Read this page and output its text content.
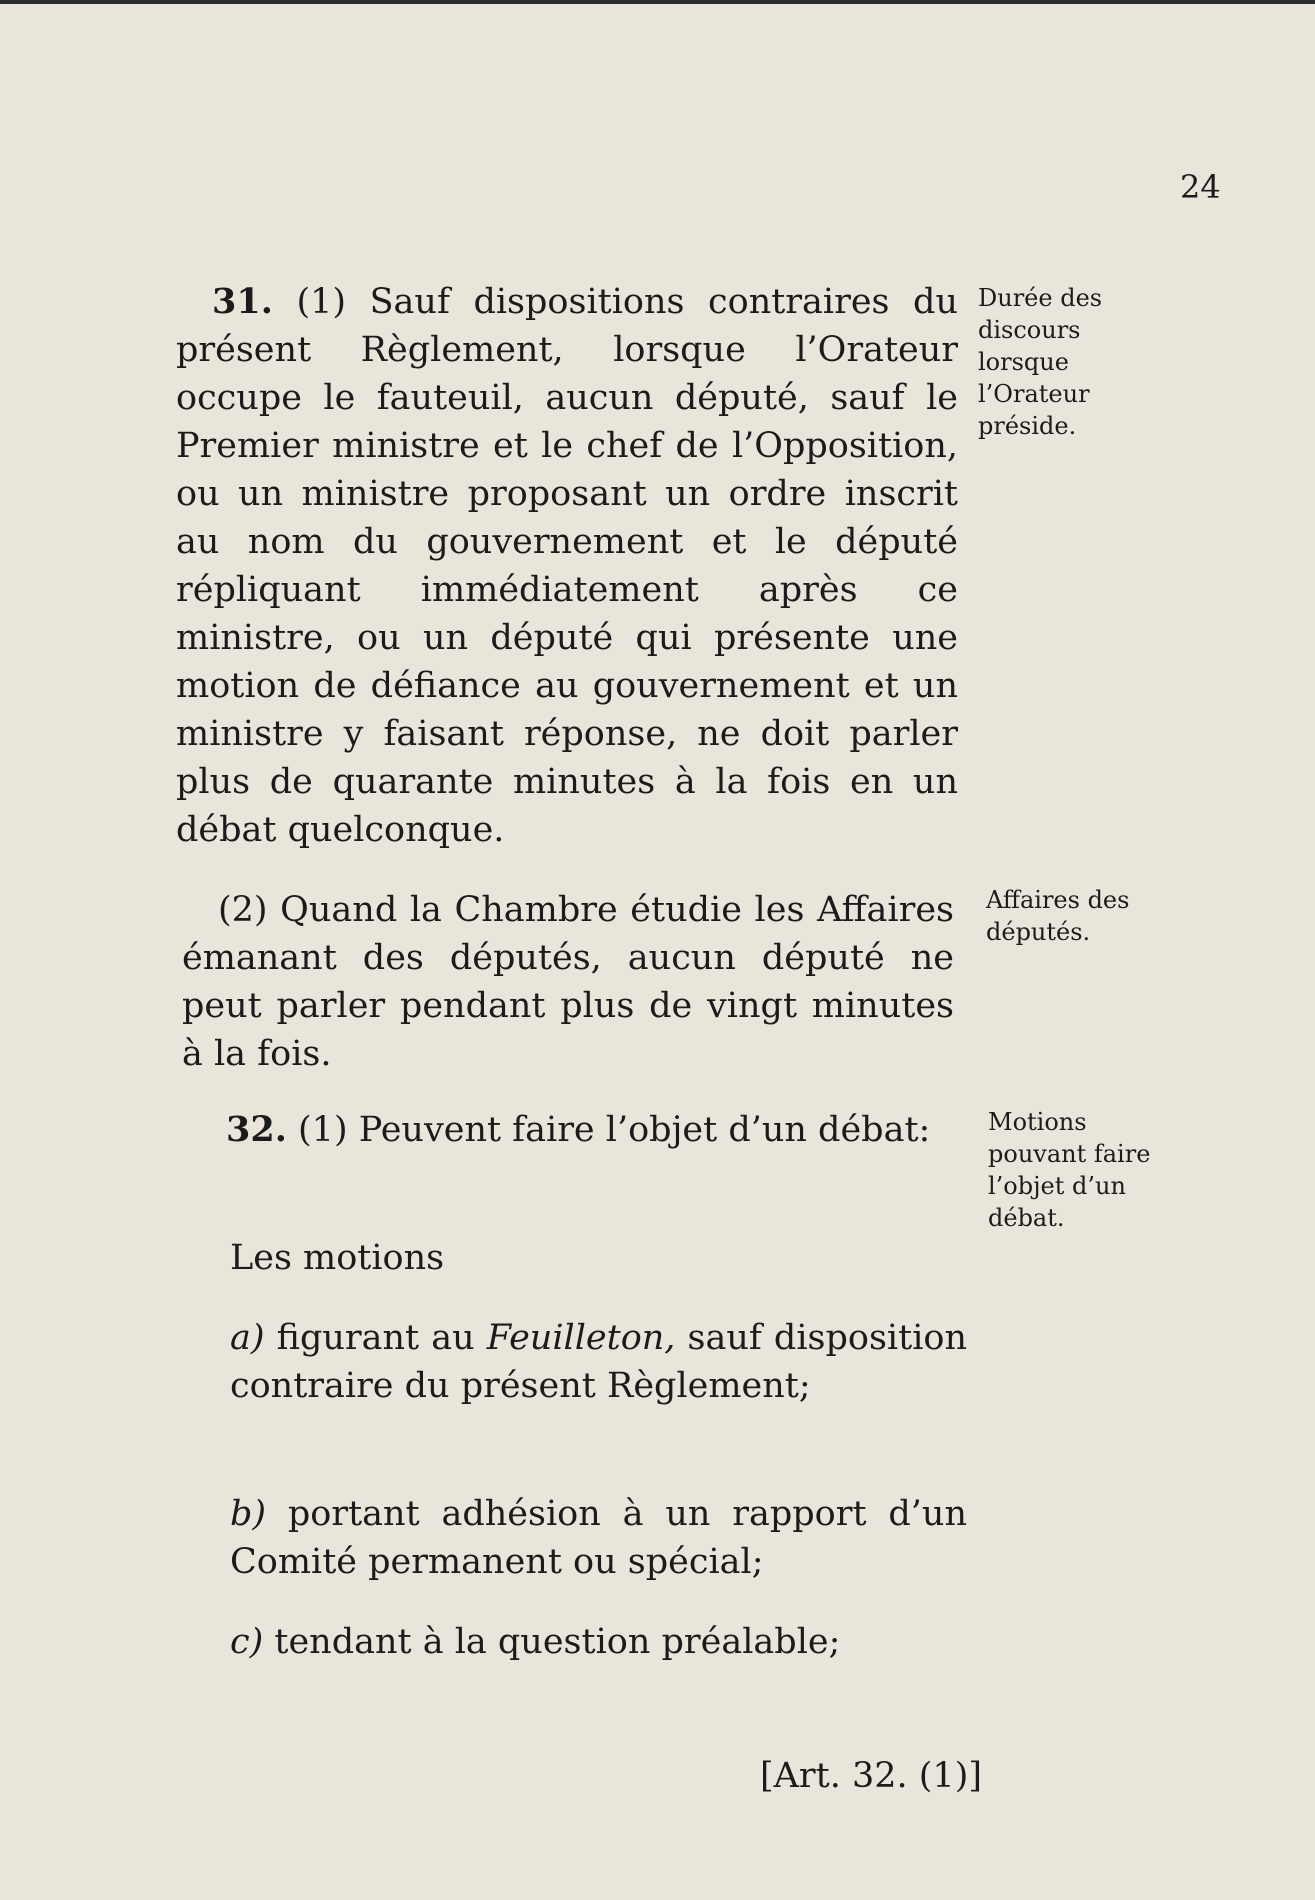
24

31. (1) Sauf dispositions contraires du présent Règlement, lorsque l’Orateur occupe le fauteuil, aucun député, sauf le Premier ministre et le chef de l’Opposition, ou un ministre proposant un ordre inscrit au nom du gouvernement et le député répliquant immédiatement après ce ministre, ou un député qui présente une motion de défiance au gouvernement et un ministre y faisant réponse, ne doit parler plus de quarante minutes à la fois en un débat quelconque.

Durée des discours lorsque l’Orateur préside.

(2) Quand la Chambre étudie les Affaires émanant des députés, aucun député ne peut parler pendant plus de vingt minutes à la fois.

Affaires des députés.

32. (1) Peuvent faire l’objet d’un débat:	Motions pouvant faire l’objet d’un débat.

Les motions

a) figurant au Feuilleton, sauf disposition contraire du présent Règlement;

b) portant adhésion à un rapport d’un Comité permanent ou spécial;

c) tendant à la question préalable;

[Art. 32. (1)]
